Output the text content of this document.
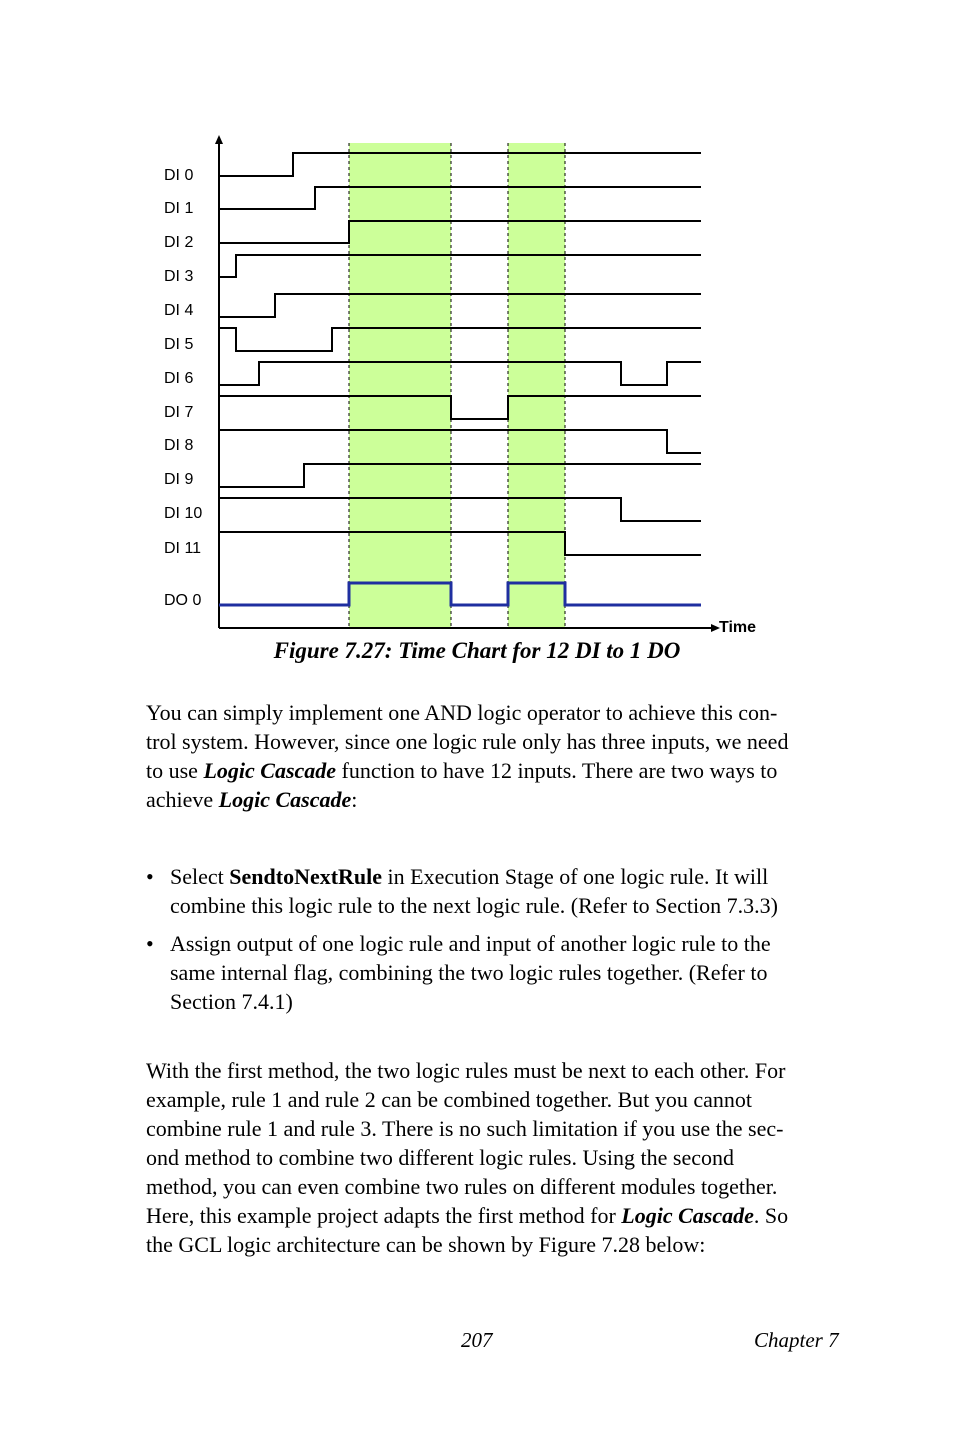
DI 0
DI 1
DI 2
DI 3
DI 4
DI 5
DI 6
DI 7
DI 8
DI 9
DI 10
DI 11
DO 0
Time
Figure 7.27: Time Chart for 12 DI to 1 DO
You can simply implement one AND logic operator to achieve this con-
trol system. However, since one logic rule only has three inputs, we need
to use Logic Cascade function to have 12 inputs. There are two ways to
achieve Logic Cascade:
• Select SendtoNextRule in Execution Stage of one logic rule. It will
combine this logic rule to the next logic rule. (Refer to Section 7.3.3)
• Assign output of one logic rule and input of another logic rule to the
same internal flag, combining the two logic rules together. (Refer to
Section 7.4.1)
With the first method, the two logic rules must be next to each other. For
example, rule 1 and rule 2 can be combined together. But you cannot
combine rule 1 and rule 3. There is no such limitation if you use the sec-
ond method to combine two different logic rules. Using the second
method, you can even combine two rules on different modules together.
Here, this example project adapts the first method for Logic Cascade. So
the GCL logic architecture can be shown by Figure 7.28 below:
207	Chapter 7
